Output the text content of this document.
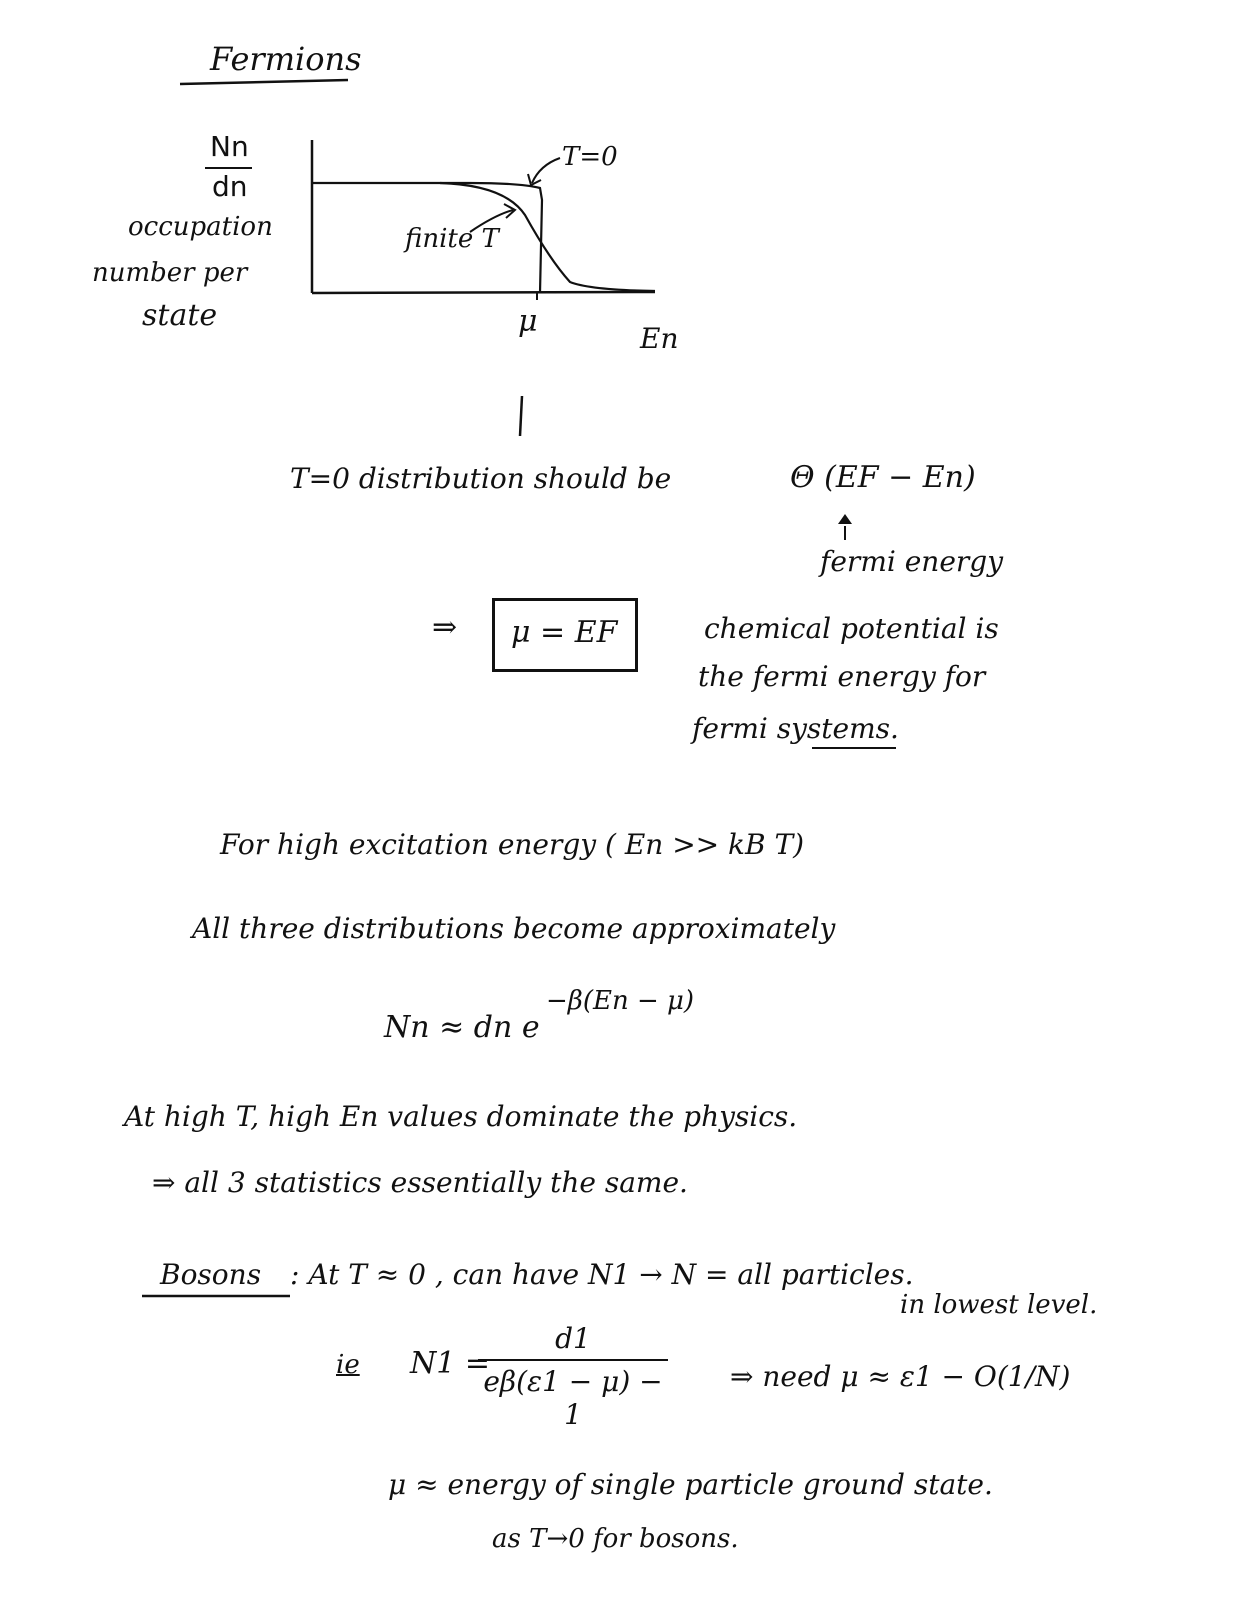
Fermions
Nn
dn
occupation
number per
state
T=0
finite T
μ	En
T=0 distribution should be	Θ (EF − En)
fermi energy
⇒ μ = EF	chemical potential is
the fermi energy for
fermi systems.
For high excitation energy ( En >> kB T)
All three distributions become approximately
Nn ≈ dn e
−β(En − μ)
At high T, high En values dominate the physics.
⇒ all 3 statistics essentially the same.
Bosons : At T ≈ 0 , can have N1 → N = all particles.
in lowest level.
ie N1 =
d1
eβ(ε1 − μ) − 1
⇒ need μ ≈ ε1 − O(1/N)
μ ≈ energy of single particle ground state.
as T→0 for bosons.
